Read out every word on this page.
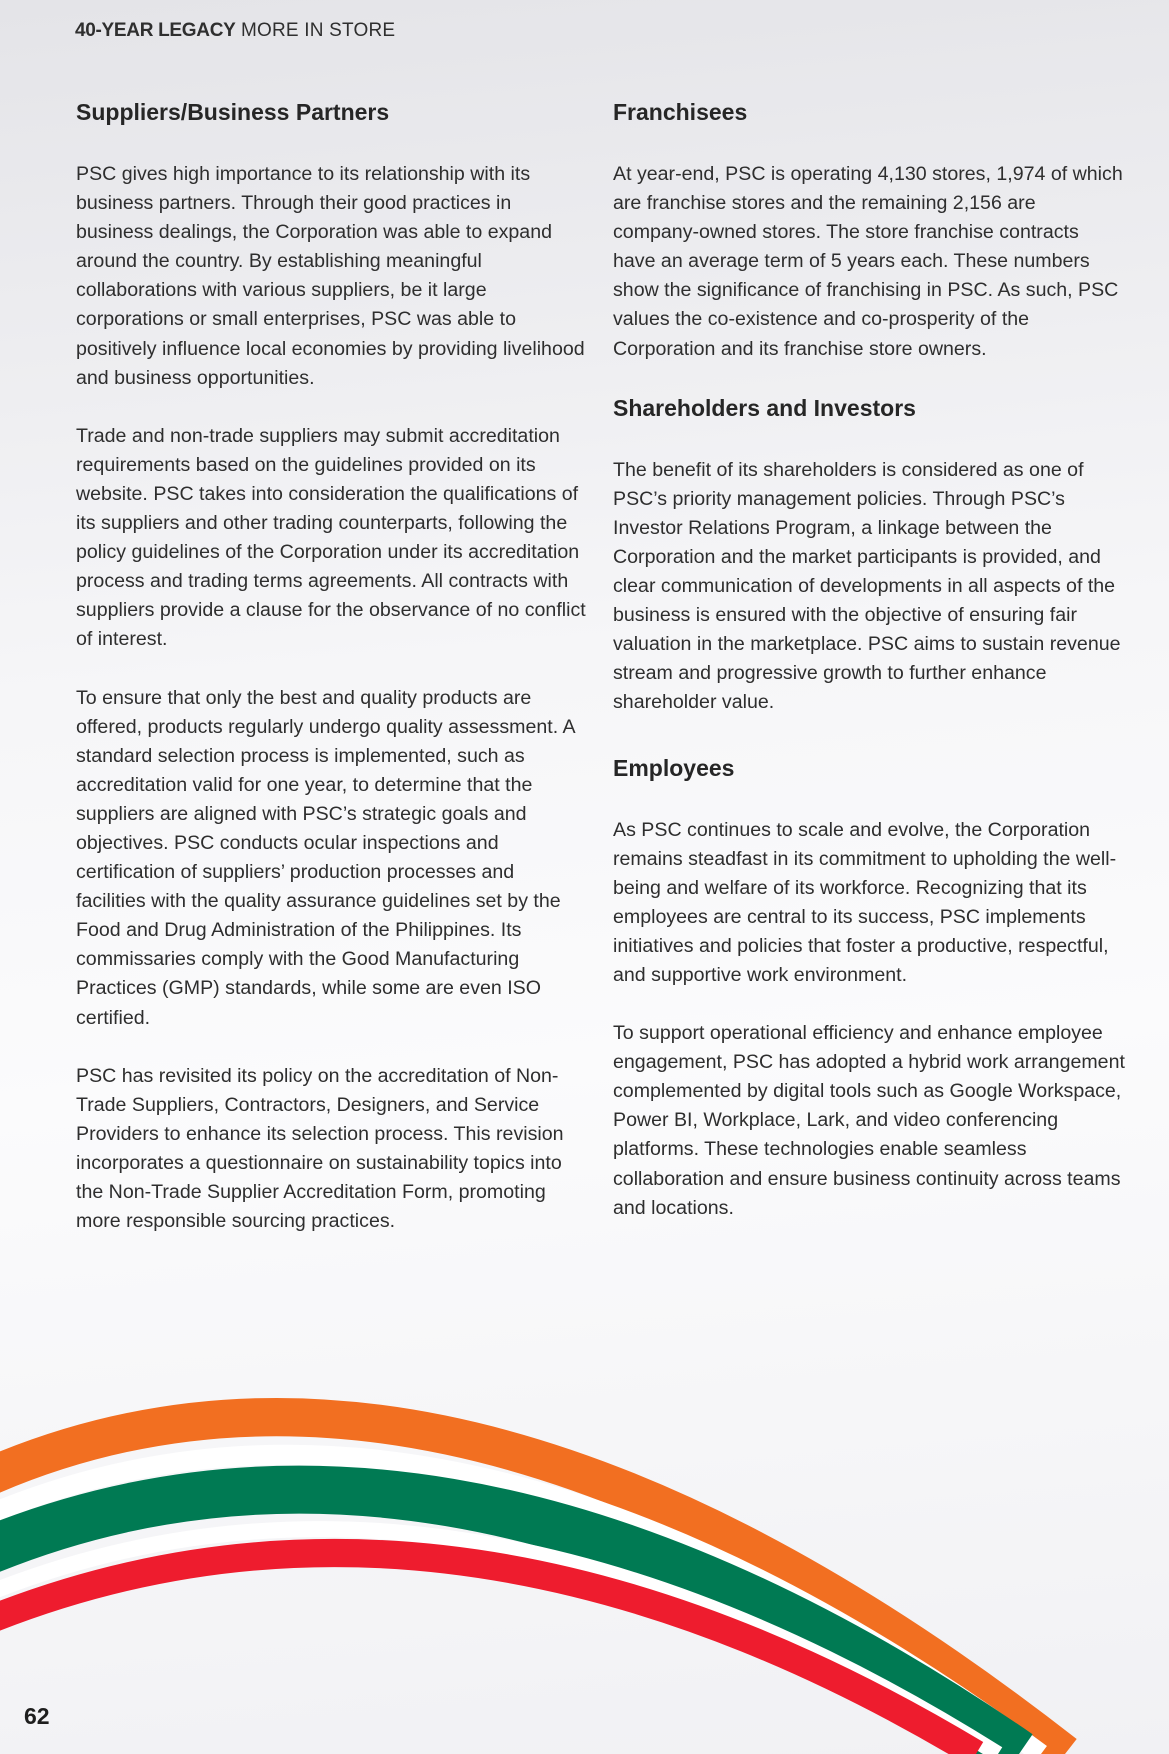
40-YEAR LEGACY MORE IN STORE
Suppliers/Business Partners

PSC gives high importance to its relationship with its business partners. Through their good practices in business dealings, the Corporation was able to expand around the country. By establishing meaningful collaborations with various suppliers, be it large corporations or small enterprises, PSC was able to positively influence local economies by providing livelihood and business opportunities.

Trade and non-trade suppliers may submit accreditation requirements based on the guidelines provided on its website. PSC takes into consideration the qualifications of its suppliers and other trading counterparts, following the policy guidelines of the Corporation under its accreditation process and trading terms agreements. All contracts with suppliers provide a clause for the observance of no conflict of interest.

To ensure that only the best and quality products are offered, products regularly undergo quality assessment. A standard selection process is implemented, such as accreditation valid for one year, to determine that the suppliers are aligned with PSC’s strategic goals and objectives. PSC conducts ocular inspections and certification of suppliers’ production processes and facilities with the quality assurance guidelines set by the Food and Drug Administration of the Philippines. Its commissaries comply with the Good Manufacturing Practices (GMP) standards, while some are even ISO certified.

PSC has revisited its policy on the accreditation of Non-Trade Suppliers, Contractors, Designers, and Service Providers to enhance its selection process. This revision incorporates a questionnaire on sustainability topics into the Non-Trade Supplier Accreditation Form, promoting more responsible sourcing practices.

Franchisees

At year-end, PSC is operating 4,130 stores, 1,974 of which are franchise stores and the remaining 2,156 are company-owned stores. The store franchise contracts have an average term of 5 years each. These numbers show the significance of franchising in PSC. As such, PSC values the co-existence and co-prosperity of the Corporation and its franchise store owners.

Shareholders and Investors

The benefit of its shareholders is considered as one of PSC’s priority management policies. Through PSC’s Investor Relations Program, a linkage between the Corporation and the market participants is provided, and clear communication of developments in all aspects of the business is ensured with the objective of ensuring fair valuation in the marketplace. PSC aims to sustain revenue stream and progressive growth to further enhance shareholder value.

Employees

As PSC continues to scale and evolve, the Corporation remains steadfast in its commitment to upholding the well-being and welfare of its workforce. Recognizing that its employees are central to its success, PSC implements initiatives and policies that foster a productive, respectful, and supportive work environment.

To support operational efficiency and enhance employee engagement, PSC has adopted a hybrid work arrangement complemented by digital tools such as Google Workspace, Power BI, Workplace, Lark, and video conferencing platforms. These technologies enable seamless collaboration and ensure business continuity across teams and locations.

62
